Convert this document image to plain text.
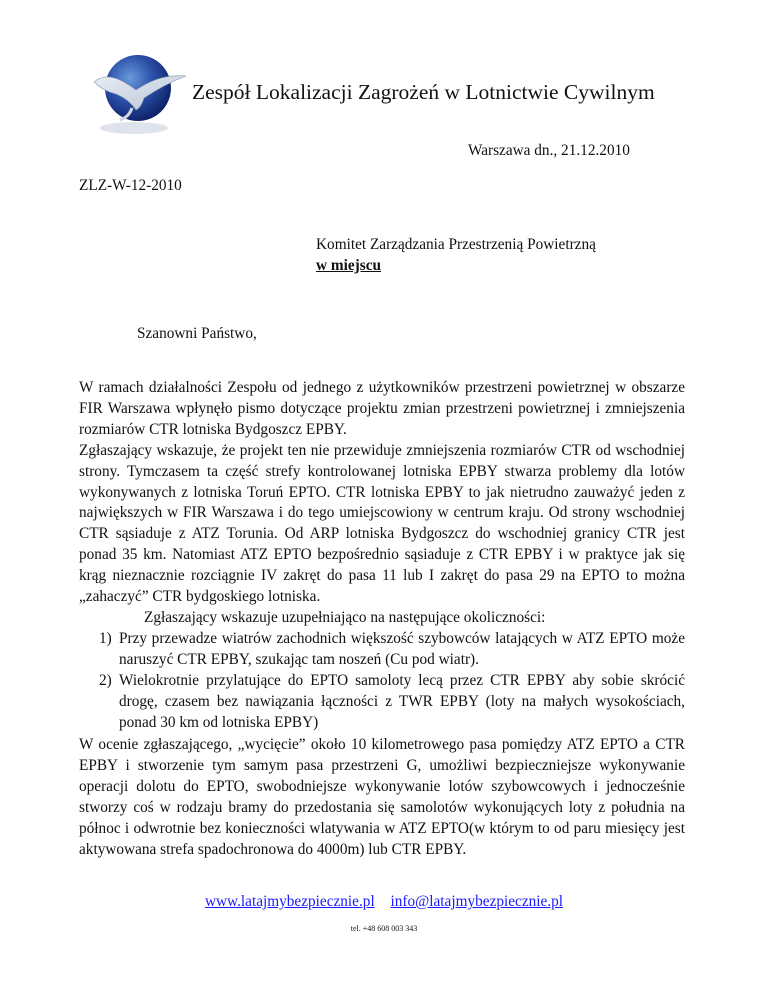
Zespół Lokalizacji Zagrożeń w Lotnictwie Cywilnym
Warszawa dn., 21.12.2010
ZLZ-W-12-2010
Komitet Zarządzania Przestrzenią Powietrzną
w miejscu
Szanowni Państwo,

W ramach działalności Zespołu od jednego z użytkowników przestrzeni powietrznej w obszarze FIR Warszawa wpłynęło pismo dotyczące projektu zmian przestrzeni powietrznej i zmniejszenia rozmiarów CTR lotniska Bydgoszcz EPBY.

Zgłaszający wskazuje, że projekt ten nie przewiduje zmniejszenia rozmiarów CTR od wschodniej strony. Tymczasem ta część strefy kontrolowanej lotniska EPBY stwarza problemy dla lotów wykonywanych z lotniska Toruń EPTO. CTR lotniska EPBY to jak nietrudno zauważyć jeden z największych w FIR Warszawa i do tego umiejscowiony w centrum kraju. Od strony wschodniej CTR sąsiaduje z ATZ Torunia. Od ARP lotniska Bydgoszcz do wschodniej granicy CTR jest ponad 35 km. Natomiast ATZ EPTO bezpośrednio sąsiaduje z CTR EPBY i w praktyce jak się krąg nieznacznie rozciągnie IV zakręt do pasa 11 lub I zakręt do pasa 29 na EPTO to można „zahaczyć” CTR bydgoskiego lotniska.

Zgłaszający wskazuje uzupełniająco na następujące okoliczności:

1) Przy przewadze wiatrów zachodnich większość szybowców latających w ATZ EPTO może naruszyć CTR EPBY, szukając tam noszeń (Cu pod wiatr).
2) Wielokrotnie przylatujące do EPTO samoloty lecą przez CTR EPBY aby sobie skrócić drogę, czasem bez nawiązania łączności z TWR EPBY (loty na małych wysokościach, ponad 30 km od lotniska EPBY)

W ocenie zgłaszającego, „wycięcie” około 10 kilometrowego pasa pomiędzy ATZ EPTO a CTR EPBY i stworzenie tym samym pasa przestrzeni G, umożliwi bezpieczniejsze wykonywanie operacji dolotu do EPTO, swobodniejsze wykonywanie lotów szybowcowych i jednocześnie stworzy coś w rodzaju bramy do przedostania się samolotów wykonujących loty z południa na północ i odwrotnie bez konieczności wlatywania w ATZ EPTO(w którym to od paru miesięcy jest aktywowana strefa spadochronowa do 4000m) lub CTR EPBY.

www.latajmybezpiecznie.pl info@latajmybezpiecznie.pl
tel. +48 608 003 343
